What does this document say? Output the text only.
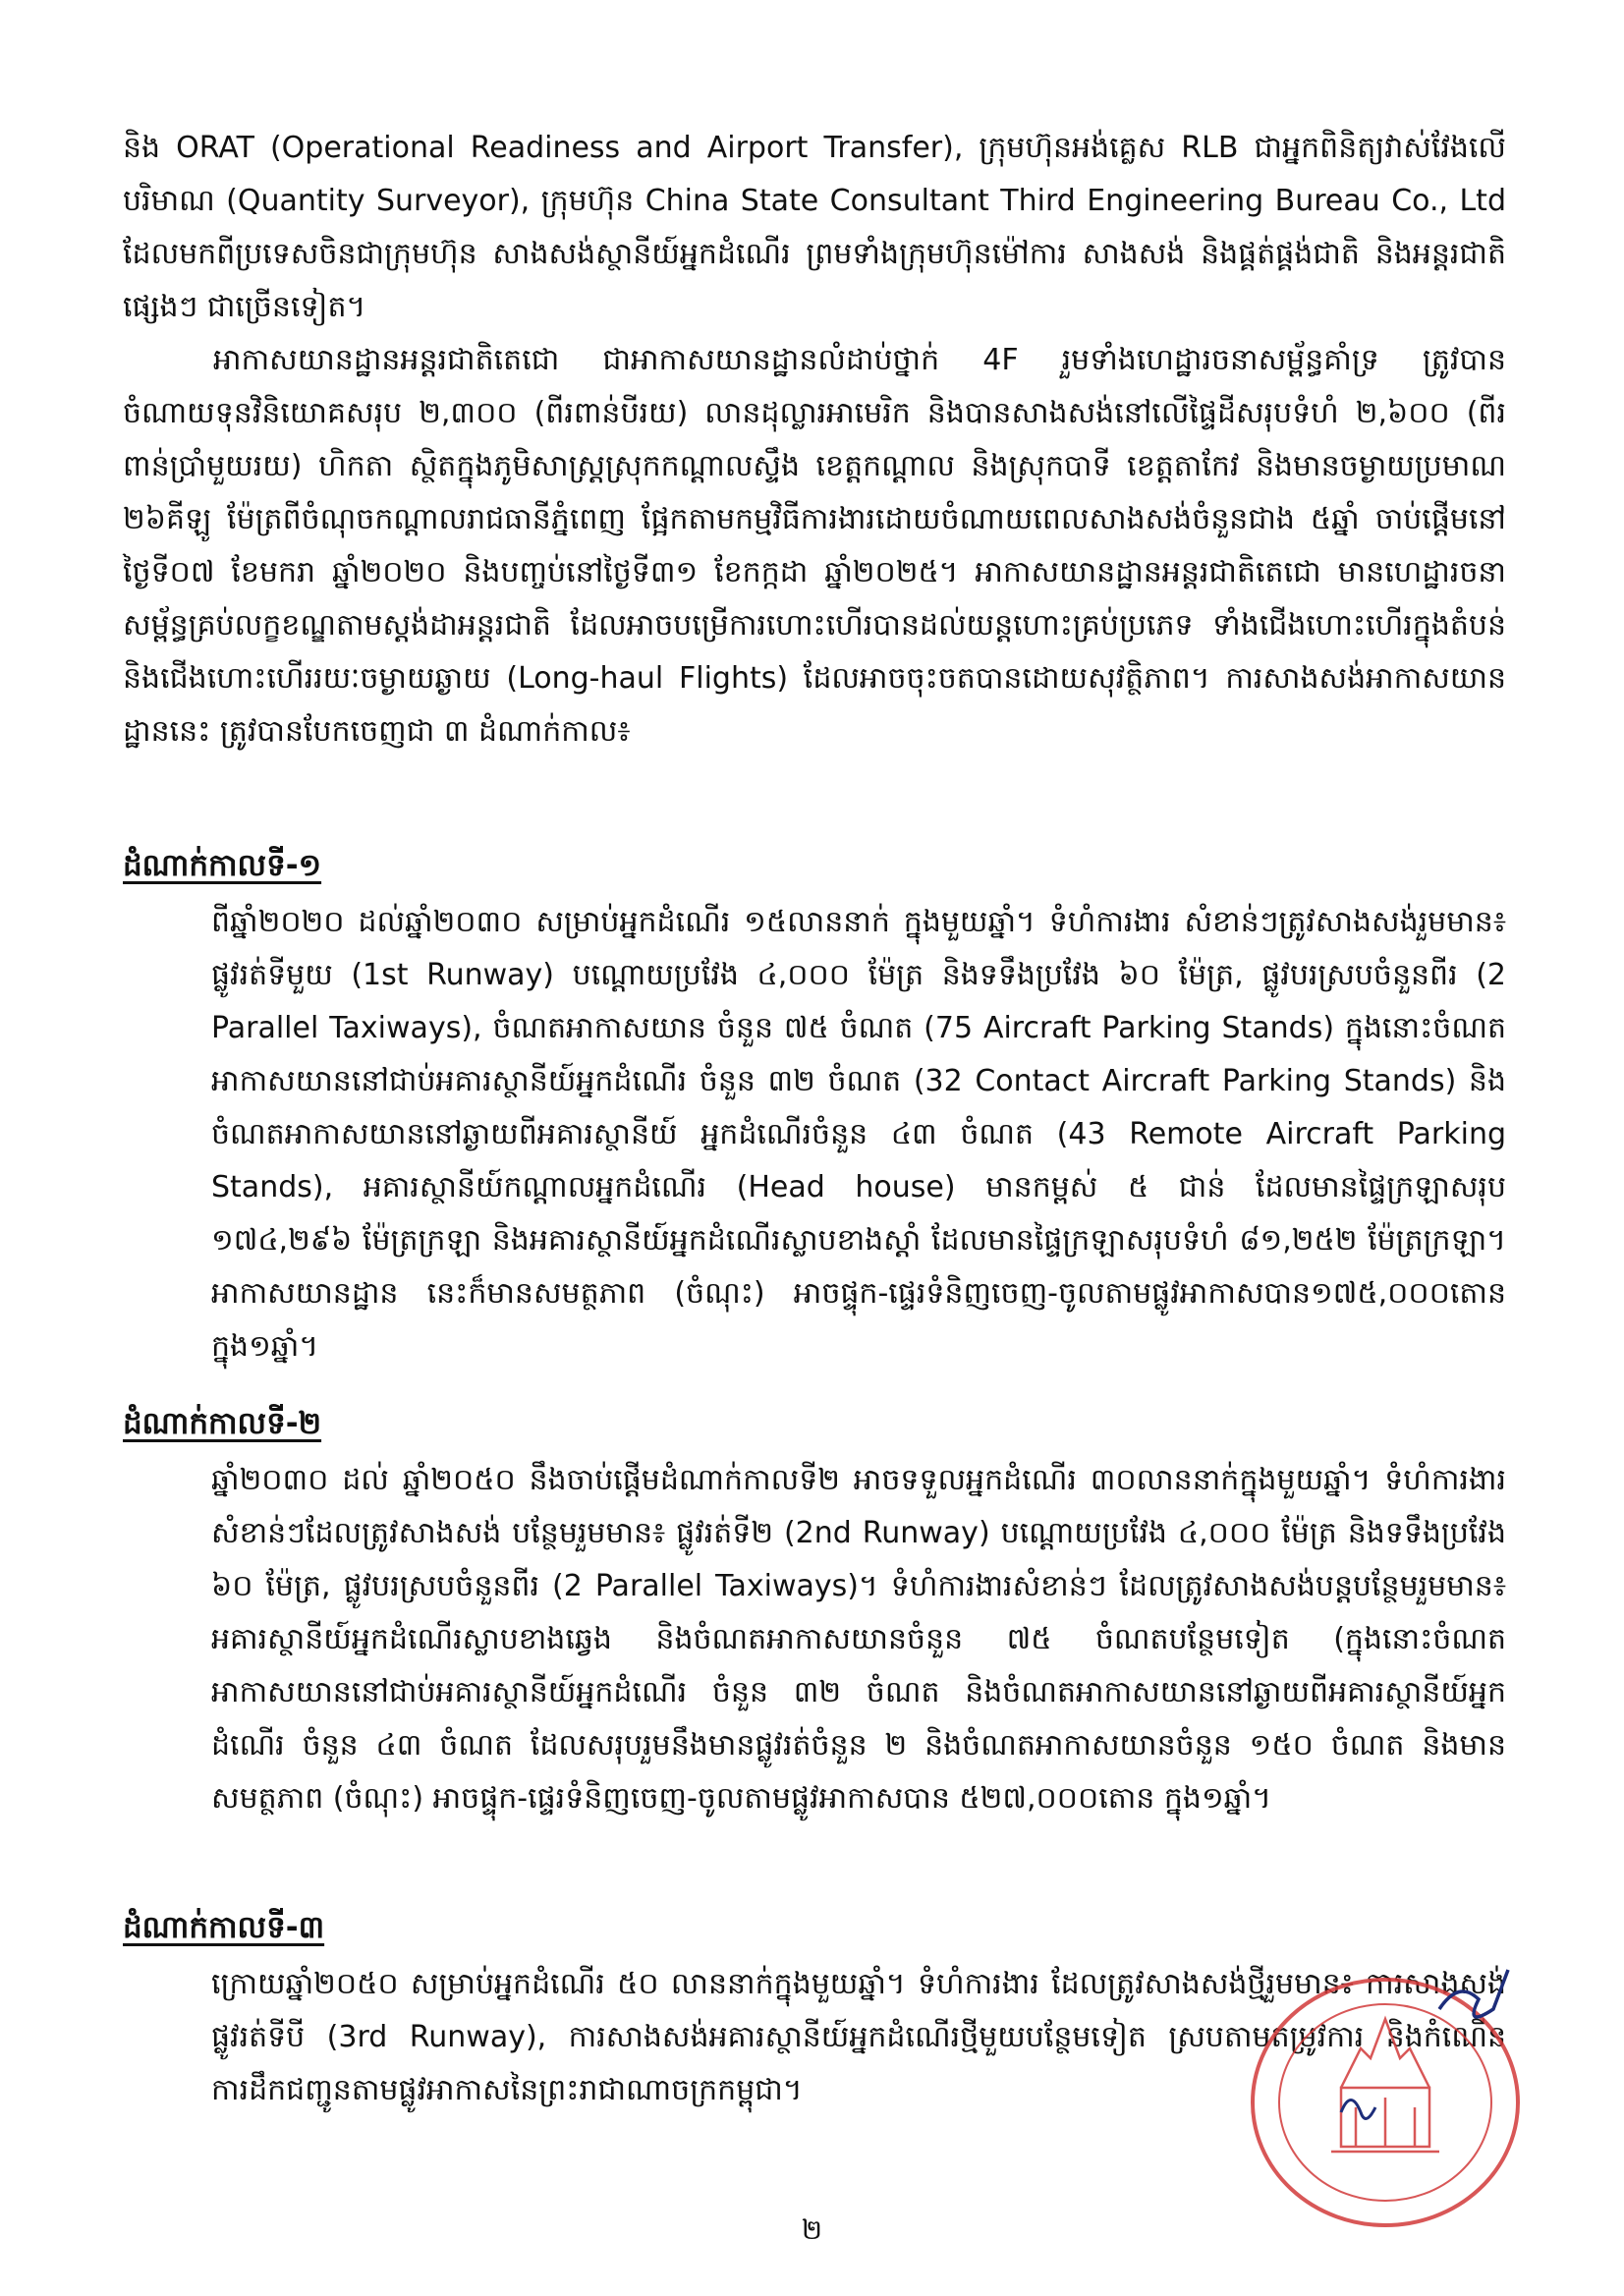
និង ORAT (Operational Readiness and Airport Transfer), ក្រុមហ៊ុនអង់គ្លេស RLB ជាអ្នកពិនិត្យវាស់វែងលើបរិមាណ (Quantity Surveyor), ក្រុមហ៊ុន China State Consultant Third Engineering Bureau Co., Ltd ដែលមកពីប្រទេសចិនជាក្រុមហ៊ុន សាងសង់ស្ថានីយ៍អ្នកដំណើរ ព្រមទាំងក្រុមហ៊ុនម៉ៅការ សាងសង់ និងផ្គត់ផ្គង់ជាតិ និងអន្តរជាតិផ្សេងៗ ជាច្រើនទៀត។

អាកាសយានដ្ឋានអន្តរជាតិតេជោ ជាអាកាសយានដ្ឋានលំដាប់ថ្នាក់ 4F រួមទាំងហេដ្ឋារចនាសម្ព័ន្ធគាំទ្រ ត្រូវបានចំណាយទុនវិនិយោគសរុប ២,៣០០ (ពីរពាន់បីរយ) លានដុល្លារអាមេរិក និងបានសាងសង់នៅលើផ្ទៃដីសរុបទំហំ ២,៦០០ (ពីរពាន់ប្រាំមួយរយ) ហិកតា ស្ថិតក្នុងភូមិសាស្ត្រស្រុកកណ្តាលស្ទឹង ខេត្តកណ្តាល និងស្រុកបាទី ខេត្តតាកែវ និងមានចម្ងាយប្រមាណ ២៦គីឡូ ម៉ែត្រពីចំណុចកណ្តាលរាជធានីភ្នំពេញ ផ្អែកតាមកម្មវិធីការងារដោយចំណាយពេលសាងសង់ចំនួនជាង ៥ឆ្នាំ ចាប់ផ្តើមនៅថ្ងៃទី០៧ ខែមករា ឆ្នាំ២០២០ និងបញ្ចប់នៅថ្ងៃទី៣១ ខែកក្កដា ឆ្នាំ២០២៥។ អាកាសយានដ្ឋានអន្តរជាតិតេជោ មានហេដ្ឋារចនាសម្ព័ន្ធគ្រប់លក្ខខណ្ឌតាមស្តង់ដាអន្តរជាតិ ដែលអាចបម្រើការហោះហើរបានដល់យន្តហោះគ្រប់ប្រភេទ ទាំងជើងហោះហើរក្នុងតំបន់ និងជើងហោះហើររយៈចម្ងាយឆ្ងាយ (Long-haul Flights) ដែលអាចចុះចតបានដោយសុវត្ថិភាព។ ការសាងសង់អាកាសយានដ្ឋាននេះ ត្រូវបានបែកចេញជា ៣ ដំណាក់កាល៖

ដំណាក់កាលទី-១

ពីឆ្នាំ២០២០ ដល់ឆ្នាំ២០៣០ សម្រាប់អ្នកដំណើរ ១៥លាននាក់ ក្នុងមួយឆ្នាំ។ ទំហំការងារ សំខាន់ៗត្រូវសាងសង់រួមមាន៖ ផ្លូវរត់ទីមួយ (1st Runway) បណ្តោយប្រវែង ៤,០០០ ម៉ែត្រ និងទទឹងប្រវែង ៦០ ម៉ែត្រ, ផ្លូវបរស្របចំនួនពីរ (2 Parallel Taxiways), ចំណតអាកាសយាន ចំនួន ៧៥ ចំណត (75 Aircraft Parking Stands) ក្នុងនោះចំណតអាកាសយាននៅជាប់អគារស្ថានីយ៍អ្នកដំណើរ ចំនួន ៣២ ចំណត (32 Contact Aircraft Parking Stands) និងចំណតអាកាសយាននៅឆ្ងាយពីអគារស្ថានីយ៍ អ្នកដំណើរចំនួន ៤៣ ចំណត (43 Remote Aircraft Parking Stands), អគារស្ថានីយ៍កណ្តាលអ្នកដំណើរ (Head house) មានកម្ពស់ ៥ ជាន់ ដែលមានផ្ទៃក្រឡាសរុប ១៧៤,២៩៦ ម៉ែត្រក្រឡា និងអគារស្ថានីយ៍អ្នកដំណើរស្លាបខាងស្តាំ ដែលមានផ្ទៃក្រឡាសរុបទំហំ ៨១,២៥២ ម៉ែត្រក្រឡា។ អាកាសយានដ្ឋាន នេះក៏មានសមត្ថភាព (ចំណុះ) អាចផ្ទុក-ផ្ទេរទំនិញចេញ-ចូលតាមផ្លូវអាកាសបាន១៧៥,០០០តោន ក្នុង១ឆ្នាំ។

ដំណាក់កាលទី-២

ឆ្នាំ២០៣០ ដល់ ឆ្នាំ២០៥០ នឹងចាប់ផ្តើមដំណាក់កាលទី២ អាចទទួលអ្នកដំណើរ ៣០លាននាក់ក្នុងមួយឆ្នាំ។ ទំហំការងារសំខាន់ៗដែលត្រូវសាងសង់ បន្ថែមរួមមាន៖ ផ្លូវរត់ទី២ (2nd Runway) បណ្តោយប្រវែង ៤,០០០ ម៉ែត្រ និងទទឹងប្រវែង ៦០ ម៉ែត្រ, ផ្លូវបរស្របចំនួនពីរ (2 Parallel Taxiways)។ ទំហំការងារសំខាន់ៗ ដែលត្រូវសាងសង់បន្តបន្ថែមរួមមាន៖ អគារស្ថានីយ៍អ្នកដំណើរស្លាបខាងឆ្វេង និងចំណតអាកាសយានចំនួន ៧៥ ចំណតបន្ថែមទៀត (ក្នុងនោះចំណតអាកាសយាននៅជាប់អគារស្ថានីយ៍អ្នកដំណើរ ចំនួន ៣២ ចំណត និងចំណតអាកាសយាននៅឆ្ងាយពីអគារស្ថានីយ៍អ្នកដំណើរ ចំនួន ៤៣ ចំណត ដែលសរុបរួមនឹងមានផ្លូវរត់ចំនួន ២ និងចំណតអាកាសយានចំនួន ១៥០ ចំណត និងមានសមត្ថភាព (ចំណុះ) អាចផ្ទុក-ផ្ទេរទំនិញចេញ-ចូលតាមផ្លូវអាកាសបាន ៥២៧,០០០តោន ក្នុង១ឆ្នាំ។

ដំណាក់កាលទី-៣

ក្រោយឆ្នាំ២០៥០ សម្រាប់អ្នកដំណើរ ៥០ លាននាក់ក្នុងមួយឆ្នាំ។ ទំហំការងារ ដែលត្រូវសាងសង់ថ្មីរួមមាន៖ ការសាងសង់ផ្លូវរត់ទីបី (3rd Runway), ការសាងសង់អគារស្ថានីយ៍អ្នកដំណើរថ្មីមួយបន្ថែមទៀត ស្របតាមតម្រូវការ និងកំណើនការដឹកជញ្ជូនតាមផ្លូវអាកាសនៃព្រះរាជាណាចក្រកម្ពុជា។

២
